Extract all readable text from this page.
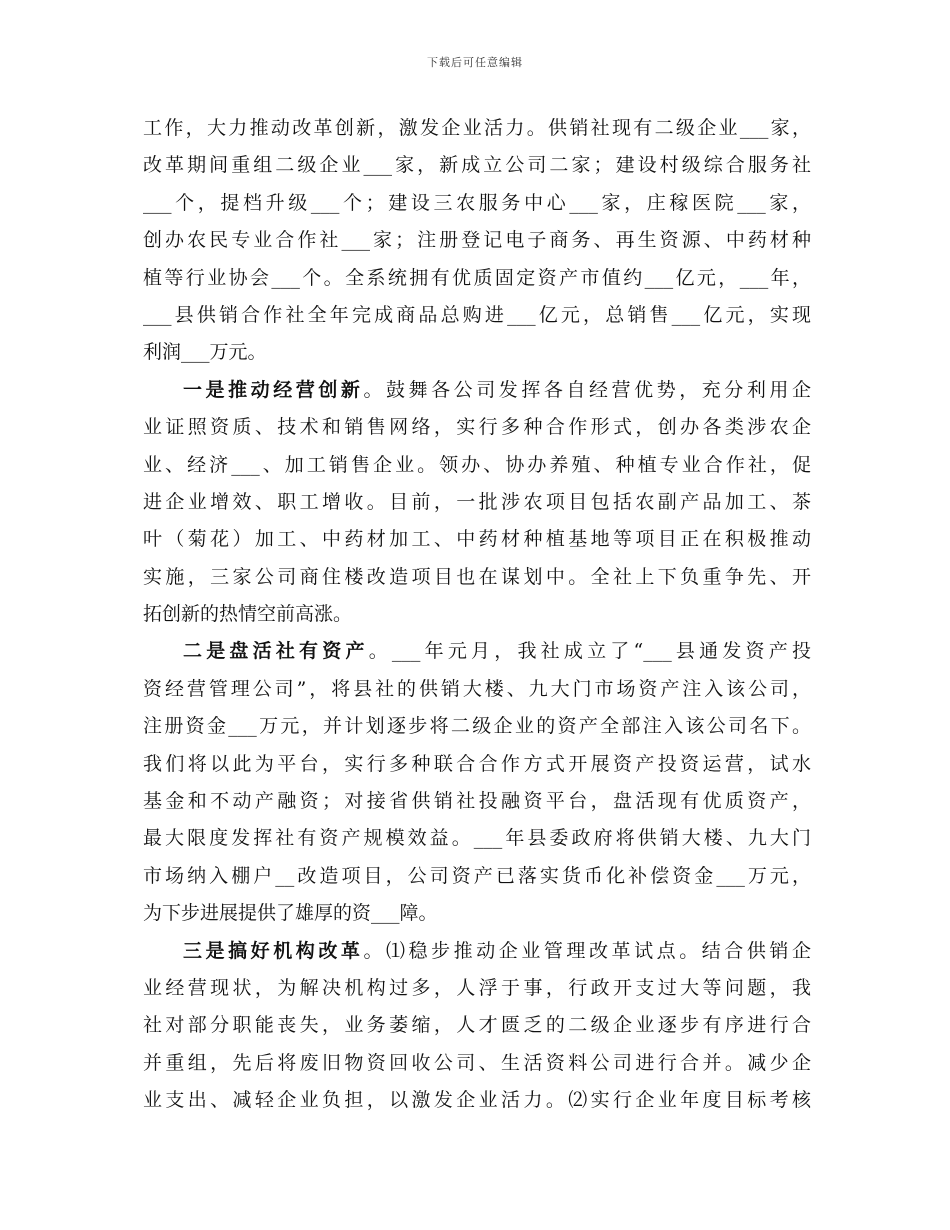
下载后可任意编辑
工作，大力推动改革创新，激发企业活力。供销社现有二级企业___家，
改革期间重组二级企业___家，新成立公司二家；建设村级综合服务社
___个，提档升级___个；建设三农服务中心___家，庄稼医院___家，
创办农民专业合作社___家；注册登记电子商务、再生资源、中药材种
植等行业协会___个。全系统拥有优质固定资产市值约___亿元，___年，
___县供销合作社全年完成商品总购进___亿元，总销售___亿元，实现
利润___万元。
一是推动经营创新。鼓舞各公司发挥各自经营优势，充分利用企
业证照资质、技术和销售网络，实行多种合作形式，创办各类涉农企
业、经济___、加工销售企业。领办、协办养殖、种植专业合作社，促
进企业增效、职工增收。目前，一批涉农项目包括农副产品加工、茶
叶（菊花）加工、中药材加工、中药材种植基地等项目正在积极推动
实施，三家公司商住楼改造项目也在谋划中。全社上下负重争先、开
拓创新的热情空前高涨。
二是盘活社有资产。___年元月，我社成立了“___县通发资产投
资经营管理公司”，将县社的供销大楼、九大门市场资产注入该公司，
注册资金___万元，并计划逐步将二级企业的资产全部注入该公司名下。
我们将以此为平台，实行多种联合合作方式开展资产投资运营，试水
基金和不动产融资；对接省供销社投融资平台，盘活现有优质资产，
最大限度发挥社有资产规模效益。___年县委政府将供销大楼、九大门
市场纳入棚户__改造项目，公司资产已落实货币化补偿资金___万元，
为下步进展提供了雄厚的资___障。
三是搞好机构改革。⑴稳步推动企业管理改革试点。结合供销企
业经营现状，为解决机构过多，人浮于事，行政开支过大等问题，我
社对部分职能丧失，业务萎缩，人才匮乏的二级企业逐步有序进行合
并重组，先后将废旧物资回收公司、生活资料公司进行合并。减少企
业支出、减轻企业负担，以激发企业活力。⑵实行企业年度目标考核
